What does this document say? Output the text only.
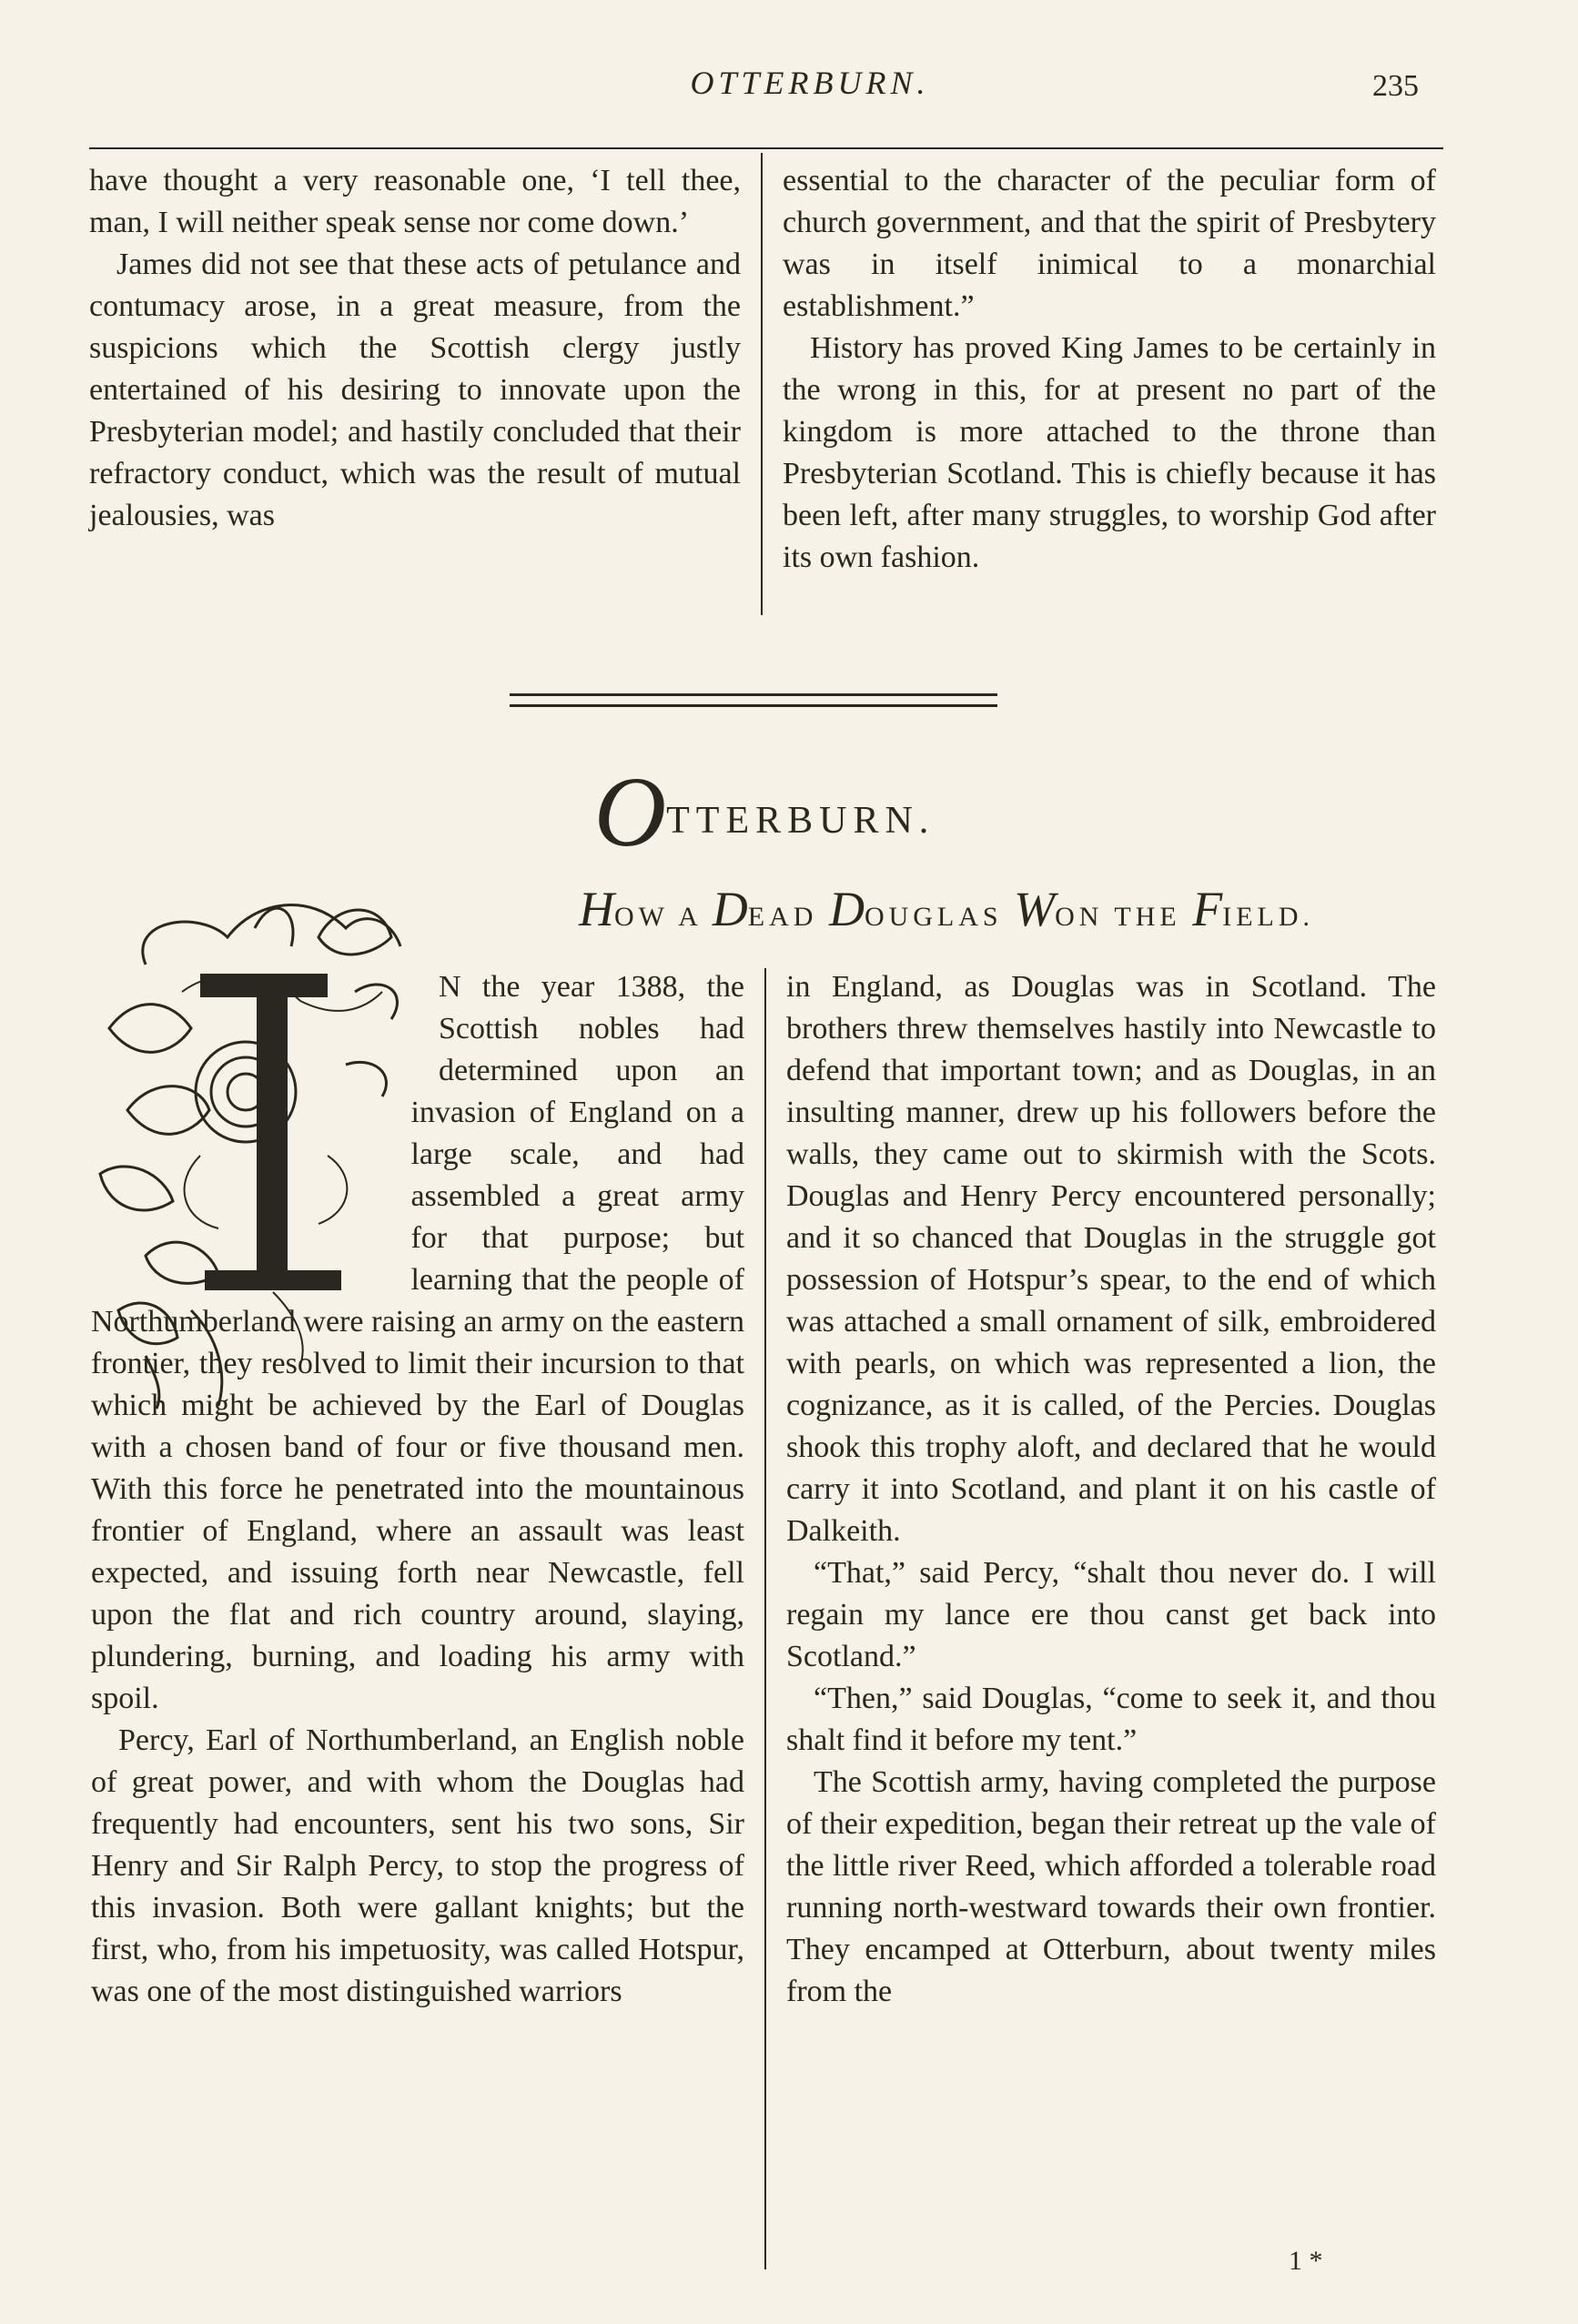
OTTERBURN.	235

have thought a very reasonable one, ‘I tell thee, man, I will neither speak sense nor come down.’

James did not see that these acts of petulance and contumacy arose, in a great measure, from the suspicions which the Scottish clergy justly entertained of his desiring to innovate upon the Presbyterian model; and hastily concluded that their refractory conduct, which was the result of mutual jealousies, was

essential to the character of the peculiar form of church government, and that the spirit of Presbytery was in itself inimical to a monarchial establishment.”

History has proved King James to be certainly in the wrong in this, for at present no part of the kingdom is more attached to the throne than Presbyterian Scotland. This is chiefly because it has been left, after many struggles, to worship God after its own fashion.

OTTERBURN.
HOW A DEAD DOUGLAS WON THE FIELD.

N the year 1388, the Scottish nobles had determined upon an invasion of England on a large scale, and had assembled a great army for that purpose; but learning that the people of Northumberland were raising an army on the eastern frontier, they resolved to limit their incursion to that which might be achieved by the Earl of Douglas with a chosen band of four or five thousand men. With this force he penetrated into the mountainous frontier of England, where an assault was least expected, and issuing forth near Newcastle, fell upon the flat and rich country around, slaying, plundering, burning, and loading his army with spoil.

Percy, Earl of Northumberland, an English noble of great power, and with whom the Douglas had frequently had encounters, sent his two sons, Sir Henry and Sir Ralph Percy, to stop the progress of this invasion. Both were gallant knights; but the first, who, from his impetuosity, was called Hotspur, was one of the most distinguished warriors

in England, as Douglas was in Scotland. The brothers threw themselves hastily into Newcastle to defend that important town; and as Douglas, in an insulting manner, drew up his followers before the walls, they came out to skirmish with the Scots. Douglas and Henry Percy encountered personally; and it so chanced that Douglas in the struggle got possession of Hotspur’s spear, to the end of which was attached a small ornament of silk, embroidered with pearls, on which was represented a lion, the cognizance, as it is called, of the Percies. Douglas shook this trophy aloft, and declared that he would carry it into Scotland, and plant it on his castle of Dalkeith.

“That,” said Percy, “shalt thou never do. I will regain my lance ere thou canst get back into Scotland.”

“Then,” said Douglas, “come to seek it, and thou shalt find it before my tent.”

The Scottish army, having completed the purpose of their expedition, began their retreat up the vale of the little river Reed, which afforded a tolerable road running north-westward towards their own frontier. They encamped at Otterburn, about twenty miles from the

1 *
